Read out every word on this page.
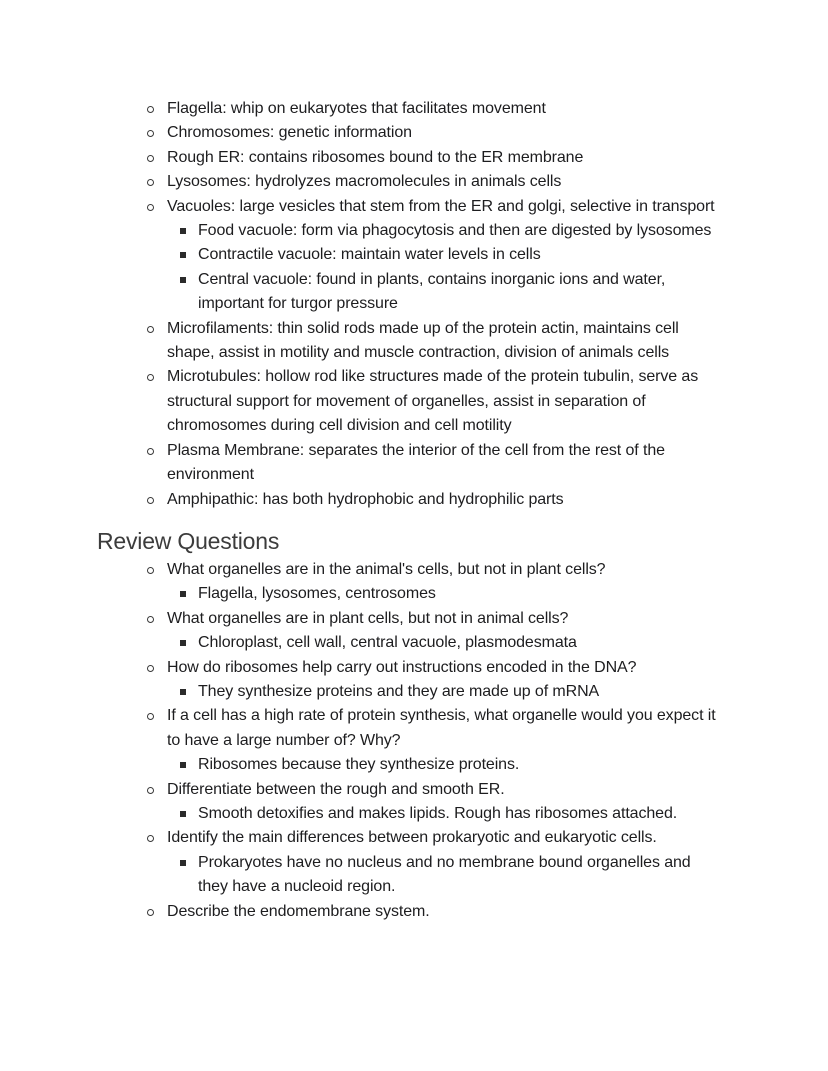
Flagella: whip on eukaryotes that facilitates movement
Chromosomes: genetic information
Rough ER: contains ribosomes bound to the ER membrane
Lysosomes: hydrolyzes macromolecules in animals cells
Vacuoles: large vesicles that stem from the ER and golgi, selective in transport
Food vacuole: form via phagocytosis and then are digested by lysosomes
Contractile vacuole: maintain water levels in cells
Central vacuole: found in plants, contains inorganic ions and water, important for turgor pressure
Microfilaments: thin solid rods made up of the protein actin, maintains cell shape, assist in motility and muscle contraction, division of animals cells
Microtubules: hollow rod like structures made of the protein tubulin, serve as structural support for movement of organelles, assist in separation of chromosomes during cell division and cell motility
Plasma Membrane: separates the interior of the cell from the rest of the environment
Amphipathic: has both hydrophobic and hydrophilic parts
Review Questions
What organelles are in the animal's cells, but not in plant cells?
Flagella, lysosomes, centrosomes
What organelles are in plant cells, but not in animal cells?
Chloroplast, cell wall, central vacuole, plasmodesmata
How do ribosomes help carry out instructions encoded in the DNA?
They synthesize proteins and they are made up of mRNA
If a cell has a high rate of protein synthesis, what organelle would you expect it to have a large number of? Why?
Ribosomes because they synthesize proteins.
Differentiate between the rough and smooth ER.
Smooth detoxifies and makes lipids. Rough has ribosomes attached.
Identify the main differences between prokaryotic and eukaryotic cells.
Prokaryotes have no nucleus and no membrane bound organelles and they have a nucleoid region.
Describe the endomembrane system.
